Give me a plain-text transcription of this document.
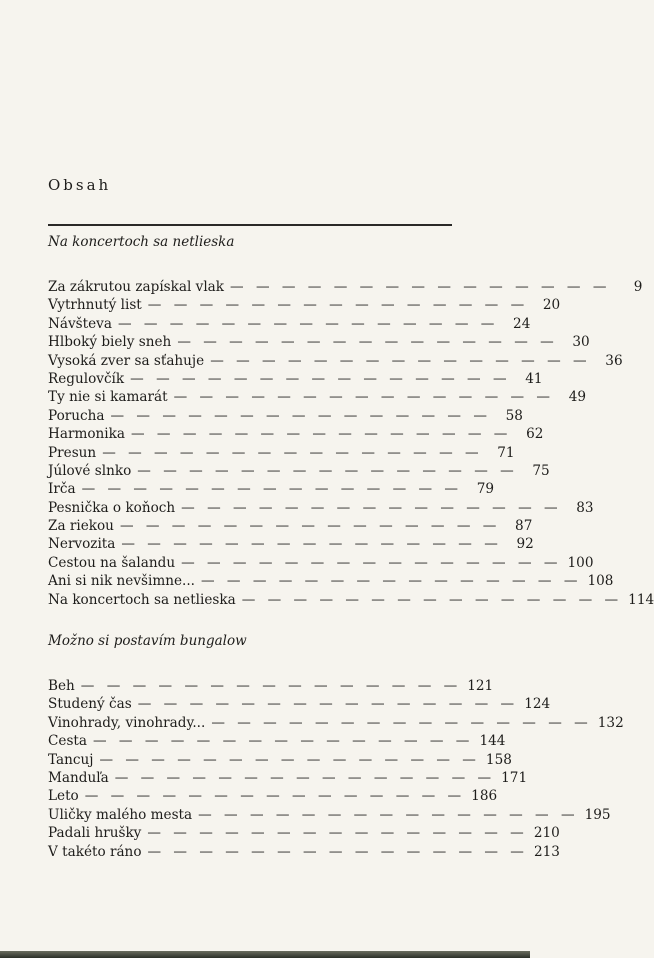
Obsah
Na koncertoch sa netlieska
Za zákrutou zapískal vlak — — — — — — — — — — — — — — —	9
Vytrhnutý list — — — — — — — — — — — — — — —	20
Návšteva — — — — — — — — — — — — — — —	24
Hlboký biely sneh — — — — — — — — — — — — — — —	30
Vysoká zver sa sťahuje — — — — — — — — — — — — — — —	36
Regulovčík — — — — — — — — — — — — — — —	41
Ty nie si kamarát — — — — — — — — — — — — — — —	49
Porucha — — — — — — — — — — — — — — —	58
Harmonika — — — — — — — — — — — — — — —	62
Presun — — — — — — — — — — — — — — —	71
Júlové slnko — — — — — — — — — — — — — — —	75
Irča — — — — — — — — — — — — — — —	79
Pesnička o koňoch — — — — — — — — — — — — — — —	83
Za riekou — — — — — — — — — — — — — — —	87
Nervozita — — — — — — — — — — — — — — —	92
Cestou na šalandu — — — — — — — — — — — — — — — 100
Ani si nik nevšimne... — — — — — — — — — — — — — — — 108
Na koncertoch sa netlieska — — — — — — — — — — — — — — — 114
Možno si postavím bungalow
Beh — — — — — — — — — — — — — — — 121
Studený čas — — — — — — — — — — — — — — — 124
Vinohrady, vinohrady... — — — — — — — — — — — — — — — 132
Cesta — — — — — — — — — — — — — — — 144
Tancuj — — — — — — — — — — — — — — — 158
Manduľa — — — — — — — — — — — — — — — 171
Leto — — — — — — — — — — — — — — — 186
Uličky malého mesta — — — — — — — — — — — — — — — 195
Padali hrušky — — — — — — — — — — — — — — — 210
V takéto ráno — — — — — — — — — — — — — — — 213
